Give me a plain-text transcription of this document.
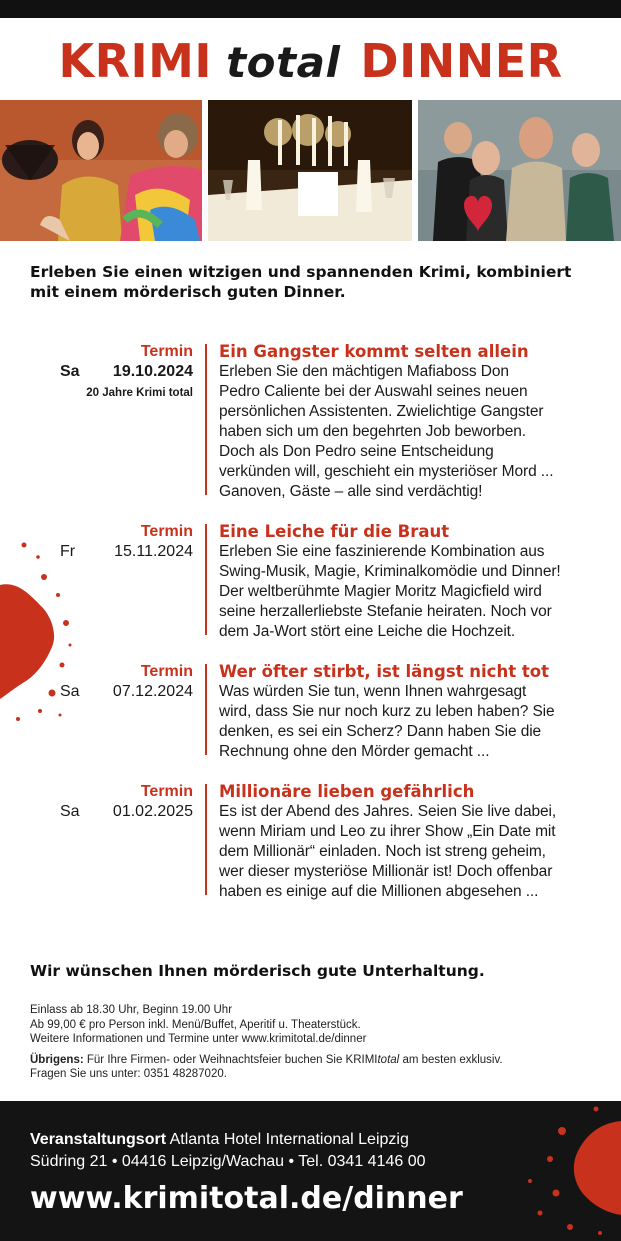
KRIMI total DINNER
Erleben Sie einen witzigen und spannenden Krimi, kombiniert mit einem mörderisch guten Dinner.
Termin
Sa 19.10.2024
20 Jahre Krimi total
Ein Gangster kommt selten allein
Erleben Sie den mächtigen Mafiaboss Don
Pedro Caliente bei der Auswahl seines neuen
persönlichen Assistenten. Zwielichtige Gangster
haben sich um den begehrten Job beworben.
Doch als Don Pedro seine Entscheidung
verkünden will, geschieht ein mysteriöser Mord ...
Ganoven, Gäste – alle sind verdächtig!
Termin
Fr 15.11.2024
Eine Leiche für die Braut
Erleben Sie eine faszinierende Kombination aus
Swing-Musik, Magie, Kriminalkomödie und Dinner!
Der weltberühmte Magier Moritz Magicfield wird
seine herzallerliebste Stefanie heiraten. Noch vor
dem Ja-Wort stört eine Leiche die Hochzeit.
Termin
Sa 07.12.2024
Wer öfter stirbt, ist längst nicht tot
Was würden Sie tun, wenn Ihnen wahrgesagt
wird, dass Sie nur noch kurz zu leben haben? Sie
denken, es sei ein Scherz? Dann haben Sie die
Rechnung ohne den Mörder gemacht ...
Termin
Sa 01.02.2025
Millionäre lieben gefährlich
Es ist der Abend des Jahres. Seien Sie live dabei,
wenn Miriam und Leo zu ihrer Show „Ein Date mit
dem Millionär“ einladen. Noch ist streng geheim,
wer dieser mysteriöse Millionär ist! Doch offenbar
haben es einige auf die Millionen abgesehen ...
Wir wünschen Ihnen mörderisch gute Unterhaltung.
Einlass ab 18.30 Uhr, Beginn 19.00 Uhr
Ab 99,00 € pro Person inkl. Menü/Buffet, Aperitif u. Theaterstück.
Weitere Informationen und Termine unter www.krimitotal.de/dinner
Übrigens: Für Ihre Firmen- oder Weihnachtsfeier buchen Sie KRIMItotal am besten exklusiv.
Fragen Sie uns unter: 0351 48287020.
Veranstaltungsort Atlanta Hotel International Leipzig
Südring 21 • 04416 Leipzig/Wachau • Tel. 0341 4146 00
www.krimitotal.de/dinner
